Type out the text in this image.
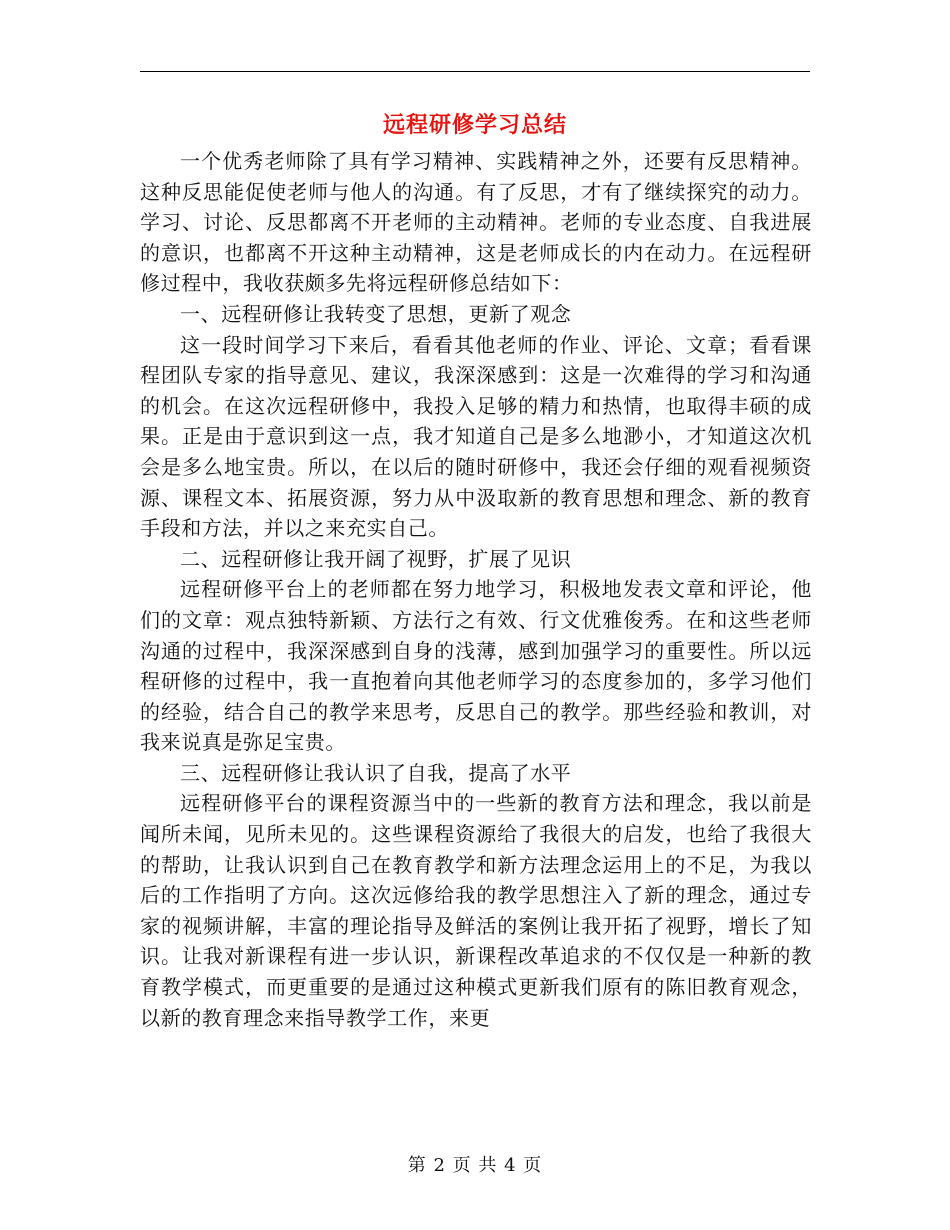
远程研修学习总结

一个优秀老师除了具有学习精神、实践精神之外，还要有反思精神。这种反思能促使老师与他人的沟通。有了反思，才有了继续探究的动力。学习、讨论、反思都离不开老师的主动精神。老师的专业态度、自我进展的意识，也都离不开这种主动精神，这是老师成长的内在动力。在远程研修过程中，我收获颇多先将远程研修总结如下：

一、远程研修让我转变了思想，更新了观念

这一段时间学习下来后，看看其他老师的作业、评论、文章；看看课程团队专家的指导意见、建议，我深深感到：这是一次难得的学习和沟通的机会。在这次远程研修中，我投入足够的精力和热情，也取得丰硕的成果。正是由于意识到这一点，我才知道自己是多么地渺小，才知道这次机会是多么地宝贵。所以，在以后的随时研修中，我还会仔细的观看视频资源、课程文本、拓展资源，努力从中汲取新的教育思想和理念、新的教育手段和方法，并以之来充实自己。

二、远程研修让我开阔了视野，扩展了见识

远程研修平台上的老师都在努力地学习，积极地发表文章和评论，他们的文章：观点独特新颖、方法行之有效、行文优雅俊秀。在和这些老师沟通的过程中，我深深感到自身的浅薄，感到加强学习的重要性。所以远程研修的过程中，我一直抱着向其他老师学习的态度参加的，多学习他们的经验，结合自己的教学来思考，反思自己的教学。那些经验和教训，对我来说真是弥足宝贵。

三、远程研修让我认识了自我，提高了水平

远程研修平台的课程资源当中的一些新的教育方法和理念，我以前是闻所未闻，见所未见的。这些课程资源给了我很大的启发，也给了我很大的帮助，让我认识到自己在教育教学和新方法理念运用上的不足，为我以后的工作指明了方向。这次远修给我的教学思想注入了新的理念，通过专家的视频讲解，丰富的理论指导及鲜活的案例让我开拓了视野，增长了知识。让我对新课程有进一步认识，新课程改革追求的不仅仅是一种新的教育教学模式，而更重要的是通过这种模式更新我们原有的陈旧教育观念，以新的教育理念来指导教学工作，来更

第 2 页 共 4 页
